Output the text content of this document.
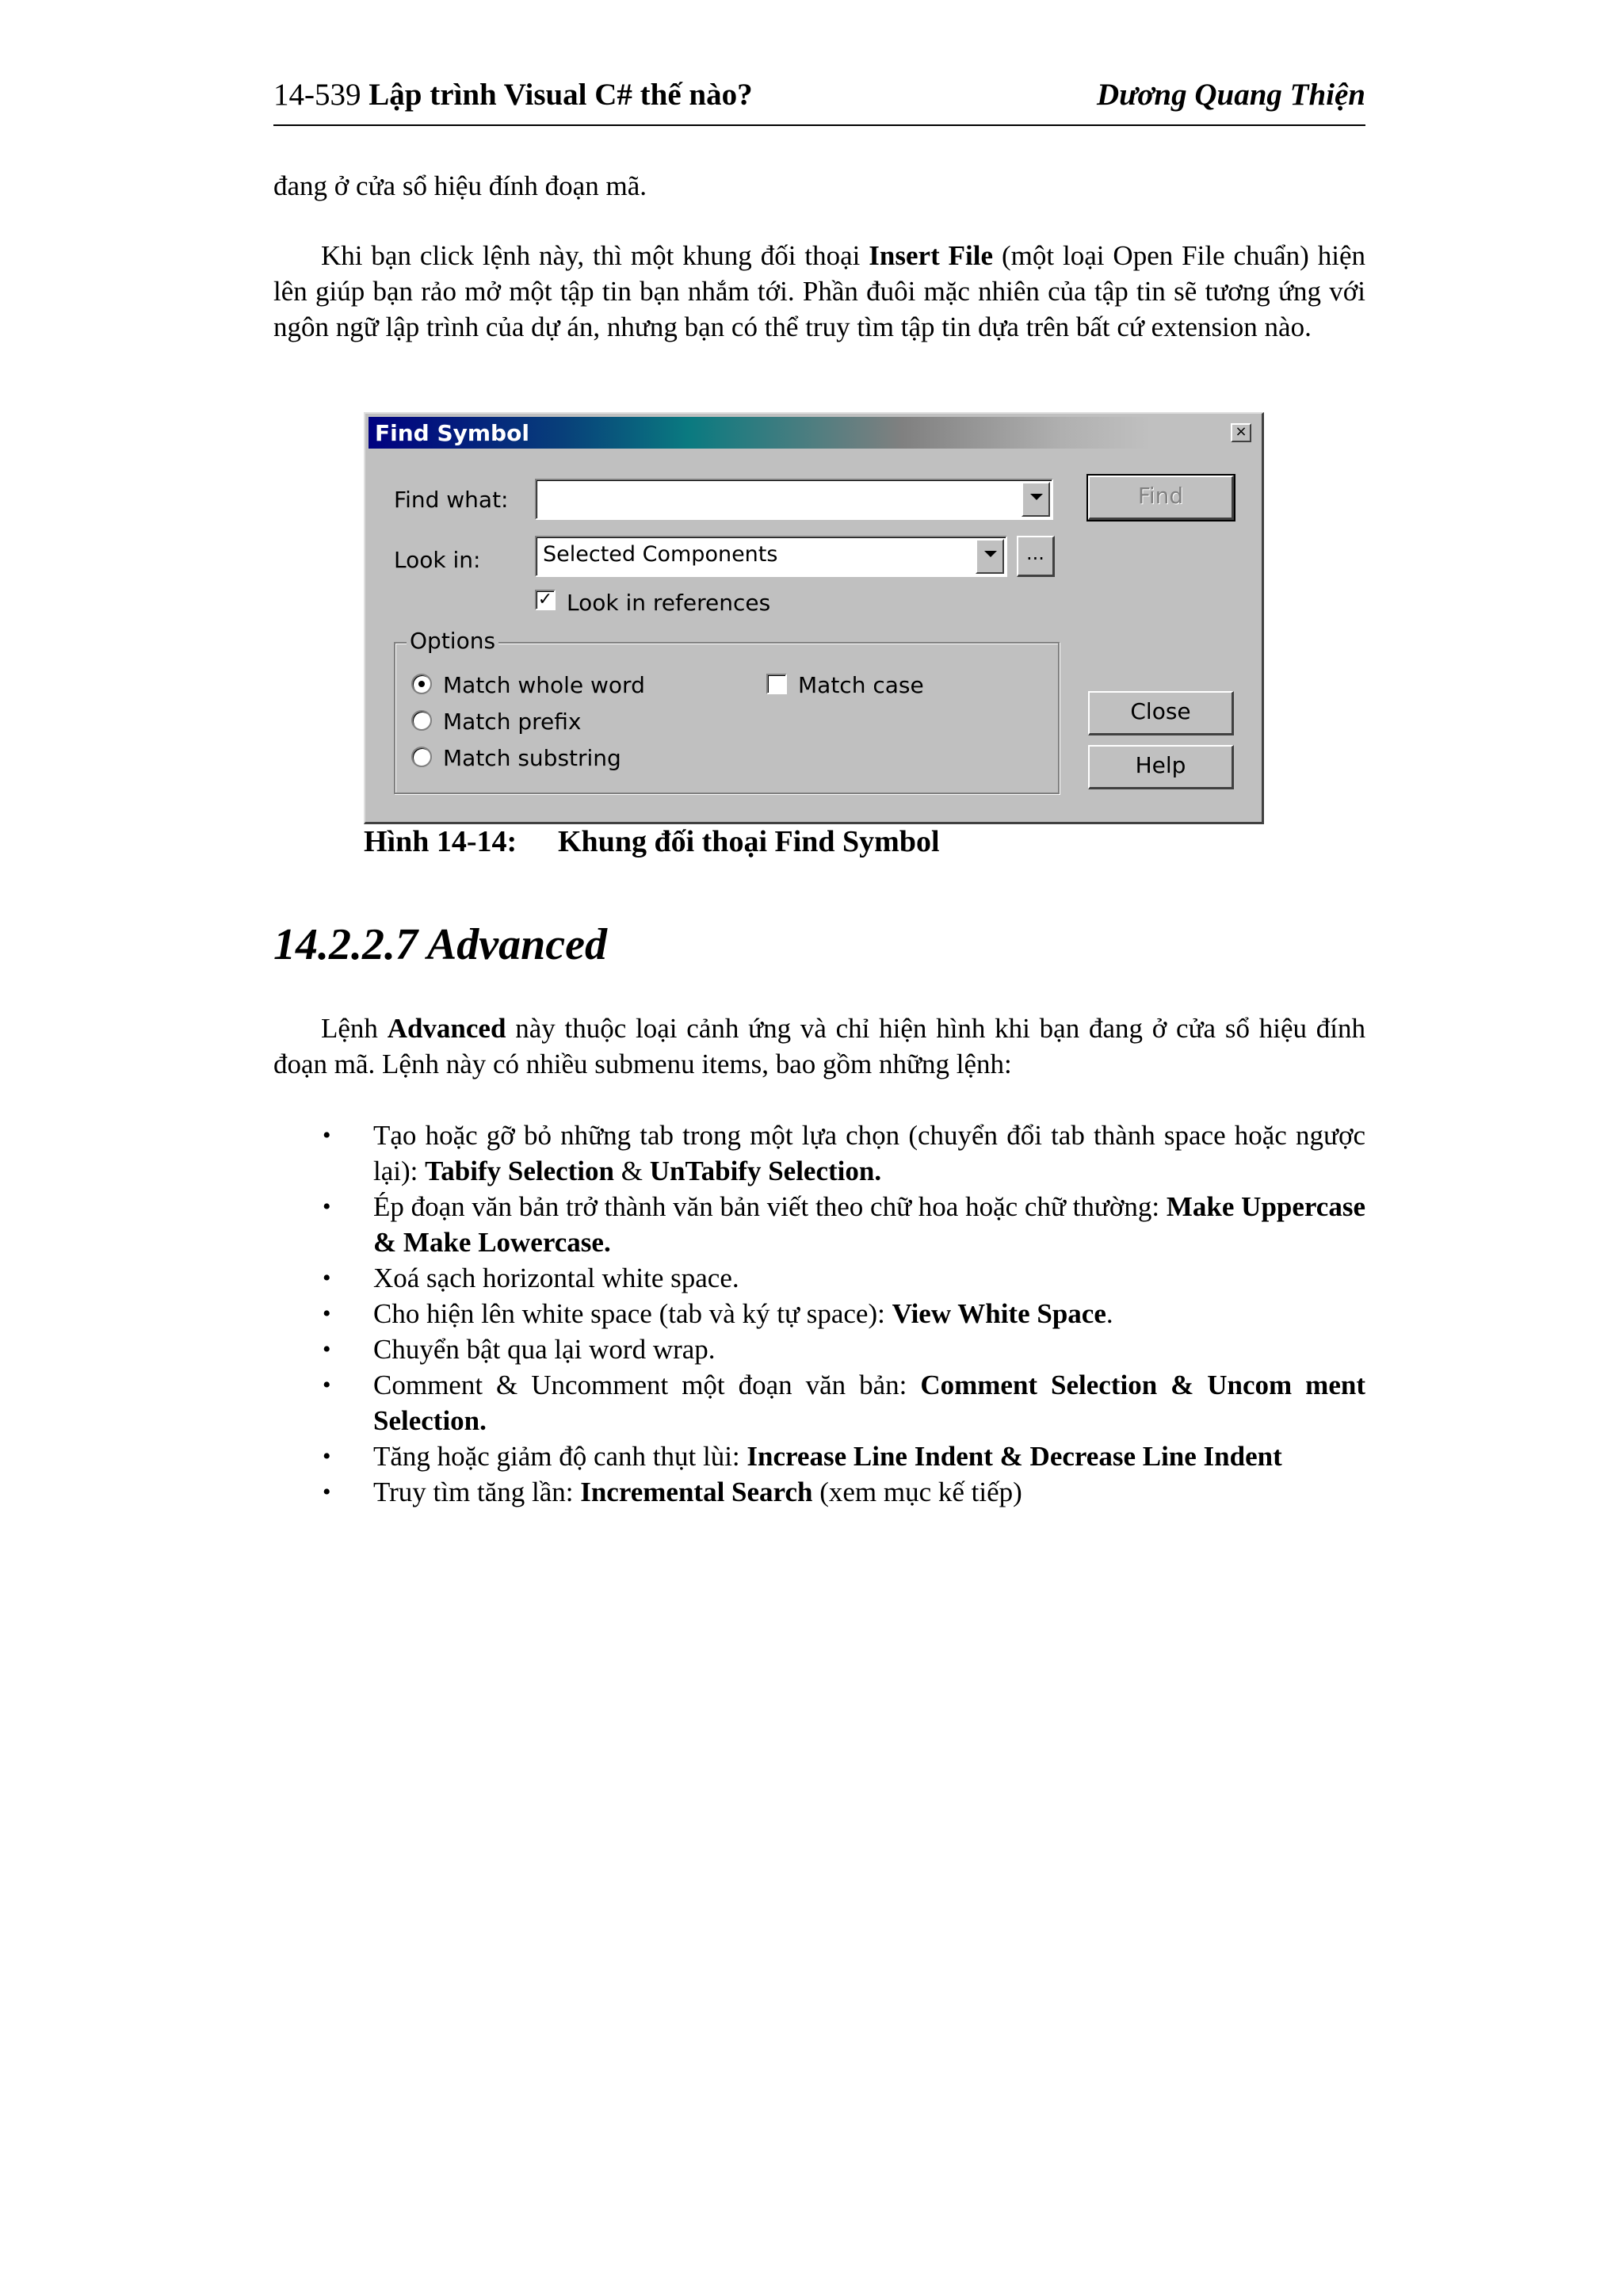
14-539 Lập trình Visual C# thế nào?	Dương Quang Thiện
đang ở cửa sổ hiệu đính đoạn mã.
Khi bạn click lệnh này, thì một khung đối thoại Insert File (một loại Open File chuẩn) hiện lên giúp bạn rảo mở một tập tin bạn nhắm tới. Phần đuôi mặc nhiên của tập tin sẽ tương ứng với ngôn ngữ lập trình của dự án, nhưng bạn có thể truy tìm tập tin dựa trên bất cứ extension nào.
Find Symbol	×
Find what:
Look in:	Selected Components	...
✓ Look in references
Options
Match whole word
Match prefix
Match substring
Match case
Find
Close
Help
Hình 14-14: Khung đối thoại Find Symbol
14.2.2.7 Advanced
Lệnh Advanced này thuộc loại cảnh ứng và chỉ hiện hình khi bạn đang ở cửa sổ hiệu đính đoạn mã. Lệnh này có nhiều submenu items, bao gồm những lệnh:
• Tạo hoặc gỡ bỏ những tab trong một lựa chọn (chuyển đổi tab thành space hoặc ngược lại): Tabify Selection & UnTabify Selection.
• Ép đoạn văn bản trở thành văn bản viết theo chữ hoa hoặc chữ thường: Make Uppercase & Make Lowercase.
• Xoá sạch horizontal white space.
• Cho hiện lên white space (tab và ký tự space): View White Space.
• Chuyển bật qua lại word wrap.
• Comment & Uncomment một đoạn văn bản: Comment Selection & Uncom ment Selection.
• Tăng hoặc giảm độ canh thụt lùi: Increase Line Indent & Decrease Line Indent
• Truy tìm tăng lần: Incremental Search (xem mục kế tiếp)
